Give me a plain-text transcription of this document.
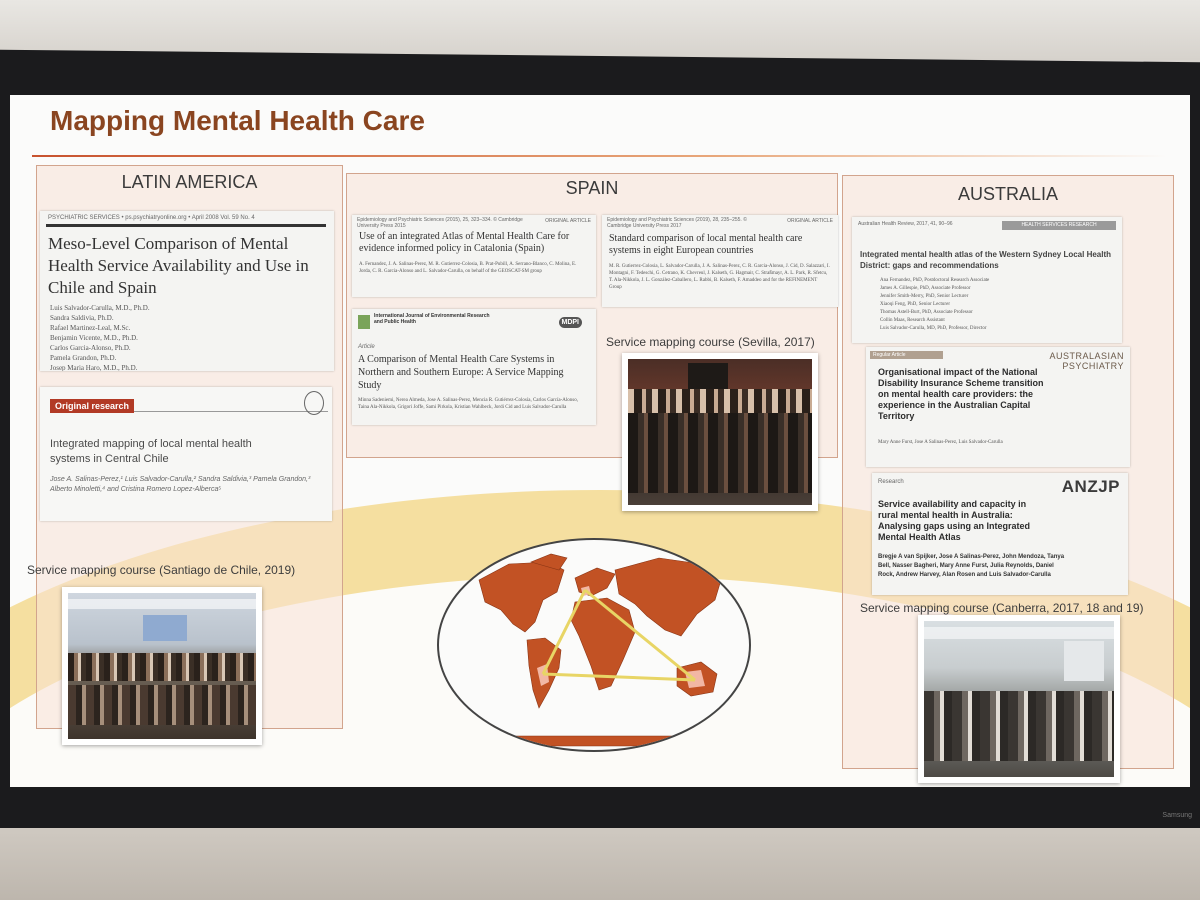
Samsung
Mapping Mental Health Care
LATIN AMERICA
PSYCHIATRIC SERVICES • ps.psychiatryonline.org • April 2008 Vol. 59 No. 4
Meso-Level Comparison of Mental Health Service Availability and Use in Chile and Spain
Luis Salvador-Carulla, M.D., Ph.D.
Sandra Saldivia, Ph.D.
Rafael Martinez-Leal, M.Sc.
Benjamin Vicente, M.D., Ph.D.
Carlos Garcia-Alonso, Ph.D.
Pamela Grandon, Ph.D.
Josep Maria Haro, M.D., Ph.D.
Original research
Integrated mapping of local mental health systems in Central Chile
Jose A. Salinas-Perez,¹ Luis Salvador-Carulla,² Sandra Saldivia,³ Pamela Grandon,³ Alberto Minoletti,⁴ and Cristina Romero Lopez-Alberca⁵
Service mapping course (Santiago de Chile, 2019)
SPAIN
Epidemiology and Psychiatric Sciences (2015), 25, 323–334. © Cambridge University Press 2015
ORIGINAL ARTICLE
Use of an integrated Atlas of Mental Health Care for evidence informed policy in Catalonia (Spain)
A. Fernandez, J. A. Salinas-Perez, M. R. Gutierrez-Colosia, B. Prat-Pubill, A. Serrano-Blanco, C. Molina, E. Jorda, C. R. Garcia-Alonso and L. Salvador-Carulla, on behalf of the GEOSCAT-SM group
Epidemiology and Psychiatric Sciences (2019), 28, 235–255. © Cambridge University Press 2017
ORIGINAL ARTICLE
Standard comparison of local mental health care systems in eight European countries
M. R. Gutierrez-Colosia, L. Salvador-Carulla, J. A. Salinas-Perez, C. R. Garcia-Alonso, J. Cid, D. Salazzari, I. Montagni, F. Tedeschi, G. Cetrano, K. Chevreul, J. Kalseth, G. Hagmair, C. Straßmayr, A. L. Park, R. Sfetcu, T. Ala-Nikkola, J. L. González-Caballero, L. Rabbi, B. Kalseth, F. Amaddeo and for the REFINEMENT Group
International Journal of Environmental Research and Public Health	MDPI
Article
A Comparison of Mental Health Care Systems in Northern and Southern Europe: A Service Mapping Study
Minna Sadeniemi, Nerea Almeda, Jose A. Salinas-Perez, Mencia R. Gutiérrez-Colosía, Carlos García-Alonso, Taina Ala-Nikkola, Grigori Joffe, Sami Pirkola, Kristian Wahlbeck, Jordi Cid and Luis Salvador-Carulla
Service mapping course (Sevilla, 2017)
AUSTRALIA
Australian Health Review, 2017, 41, 90–96	HEALTH SERVICES RESEARCH
Integrated mental health atlas of the Western Sydney Local Health District: gaps and recommendations
Ana Fernandez, PhD, Postdoctoral Research Associate
James A. Gillespie, PhD, Associate Professor
Jennifer Smith-Merry, PhD, Senior Lecturer
Xiaoqi Feng, PhD, Senior Lecturer
Thomas Astell-Burt, PhD, Associate Professor
Collin Maas, Research Assistant
Luis Salvador-Carulla, MD, PhD, Professor, Director
AUSTRALASIAN PSYCHIATRY
Regular Article
Organisational impact of the National Disability Insurance Scheme transition on mental health care providers: the experience in the Australian Capital Territory
Mary Anne Furst, Jose A Salinas-Perez, Luis Salvador-Carulla
ANZJP
Research
Service availability and capacity in rural mental health in Australia: Analysing gaps using an Integrated Mental Health Atlas
Bregje A van Spijker, Jose A Salinas-Perez, John Mendoza, Tanya Bell, Nasser Bagheri, Mary Anne Furst, Julia Reynolds, Daniel Rock, Andrew Harvey, Alan Rosen and Luis Salvador-Carulla
Service mapping course (Canberra, 2017, 18 and 19)
